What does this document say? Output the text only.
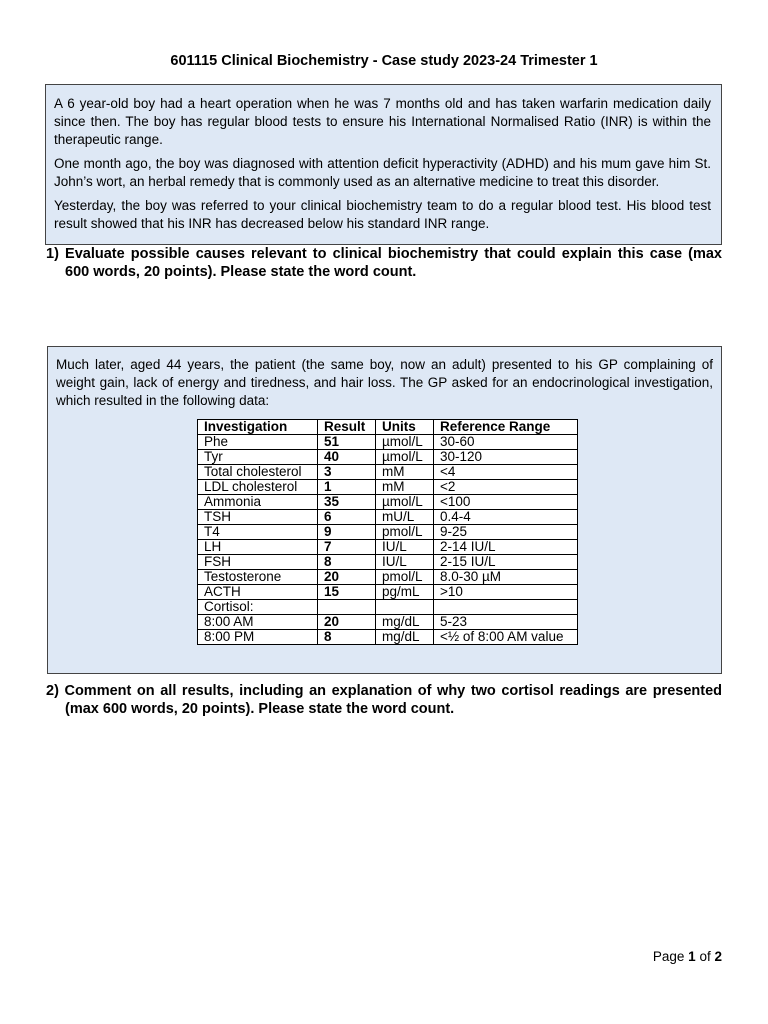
601115 Clinical Biochemistry - Case study 2023-24 Trimester 1

A 6 year-old boy had a heart operation when he was 7 months old and has taken warfarin medication daily since then. The boy has regular blood tests to ensure his International Normalised Ratio (INR) is within the therapeutic range.

One month ago, the boy was diagnosed with attention deficit hyperactivity (ADHD) and his mum gave him St. John’s wort, an herbal remedy that is commonly used as an alternative medicine to treat this disorder.

Yesterday, the boy was referred to your clinical biochemistry team to do a regular blood test. His blood test result showed that his INR has decreased below his standard INR range.

1) Evaluate possible causes relevant to clinical biochemistry that could explain this case (max 600 words, 20 points). Please state the word count.

Much later, aged 44 years, the patient (the same boy, now an adult) presented to his GP complaining of weight gain, lack of energy and tiredness, and hair loss. The GP asked for an endocrinological investigation, which resulted in the following data:

Investigation	Result	Units	Reference Range
Phe	51	µmol/L	30-60
Tyr	40	µmol/L	30-120
Total cholesterol	3	mM	<4
LDL cholesterol	1	mM	<2
Ammonia	35	µmol/L	<100
TSH	6	mU/L	0.4-4
T4	9	pmol/L	9-25
LH	7	IU/L	2-14 IU/L
FSH	8	IU/L	2-15 IU/L
Testosterone	20	pmol/L	8.0-30 µM
ACTH	15	pg/mL	>10
Cortisol:			
8:00 AM	20	mg/dL	5-23
8:00 PM	8	mg/dL	<½ of 8:00 AM value
2) Comment on all results, including an explanation of why two cortisol readings are presented (max 600 words, 20 points). Please state the word count.
Page 1 of 2
